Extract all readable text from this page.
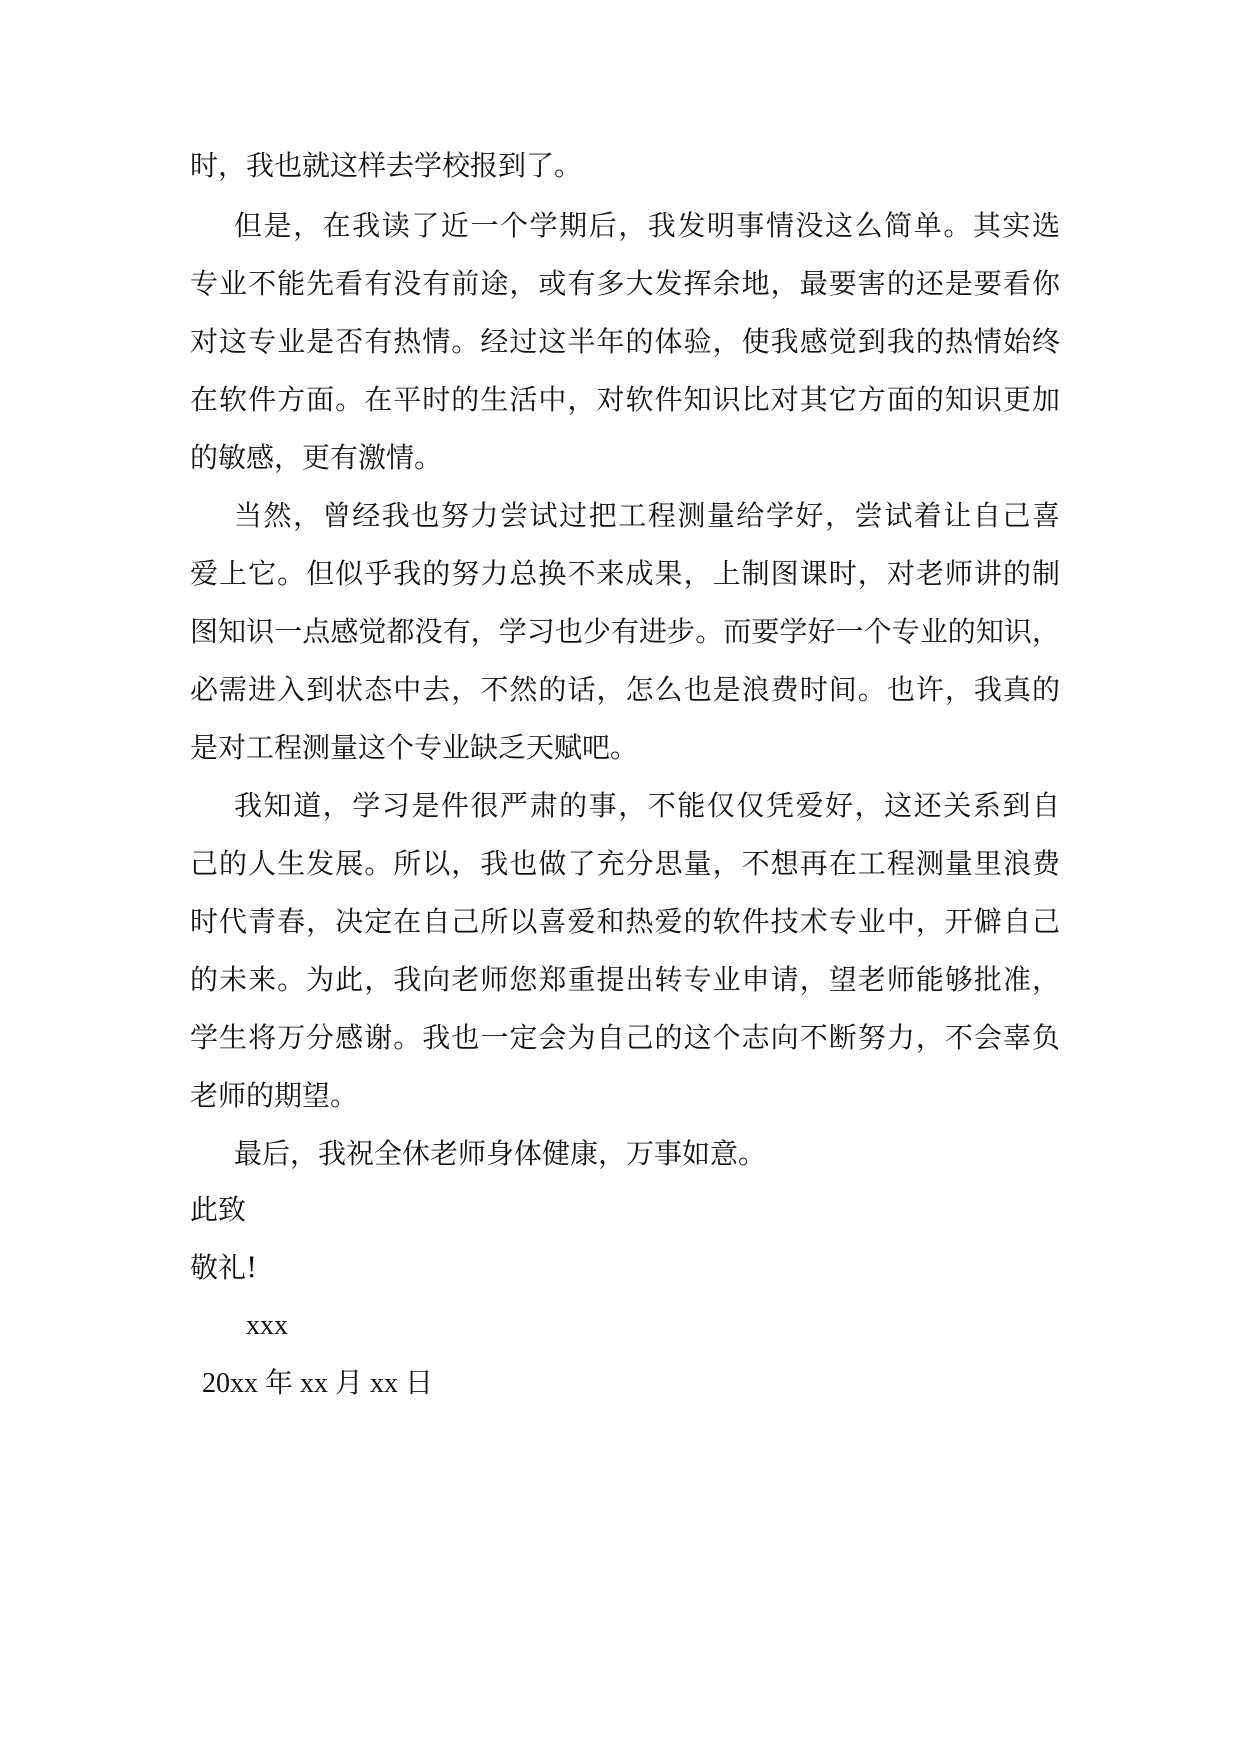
时，我也就这样去学校报到了。
但是，在我读了近一个学期后，我发明事情没这么简单。其实选
专业不能先看有没有前途，或有多大发挥余地，最要害的还是要看你
对这专业是否有热情。经过这半年的体验，使我感觉到我的热情始终
在软件方面。在平时的生活中，对软件知识比对其它方面的知识更加
的敏感，更有激情。
当然，曾经我也努力尝试过把工程测量给学好，尝试着让自己喜
爱上它。但似乎我的努力总换不来成果，上制图课时，对老师讲的制
图知识一点感觉都没有，学习也少有进步。而要学好一个专业的知识，
必需进入到状态中去，不然的话，怎么也是浪费时间。也许，我真的
是对工程测量这个专业缺乏天赋吧。
我知道，学习是件很严肃的事，不能仅仅凭爱好，这还关系到自
己的人生发展。所以，我也做了充分思量，不想再在工程测量里浪费
时代青春，决定在自己所以喜爱和热爱的软件技术专业中，开僻自己
的未来。为此，我向老师您郑重提出转专业申请，望老师能够批准，
学生将万分感谢。我也一定会为自己的这个志向不断努力，不会辜负
老师的期望。
最后，我祝全休老师身体健康，万事如意。
此致
敬礼!
xxx
20xx 年 xx 月 xx 日
